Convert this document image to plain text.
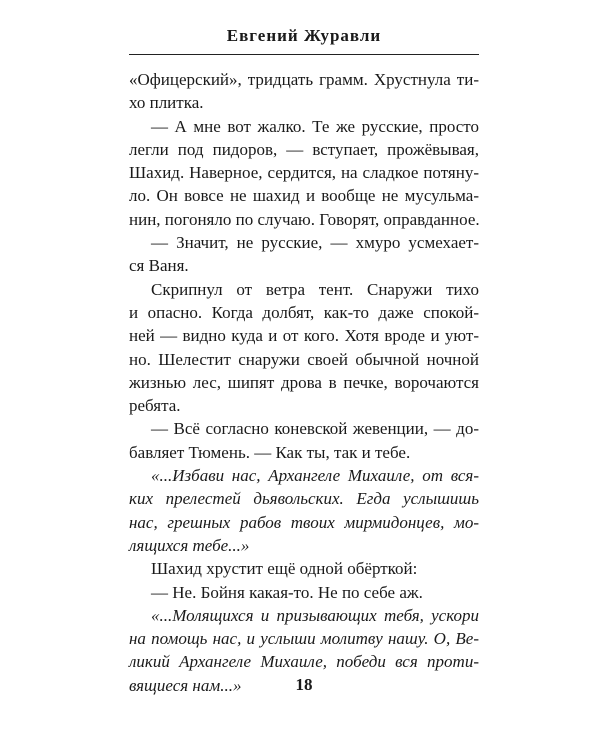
Евгений Журавли
«Офицерский», тридцать грамм. Хрустнула ти-
хо плитка.
— А мне вот жалко. Те же русские, просто
легли под пидоров, — вступает, прожёвывая,
Шахид. Наверное, сердится, на сладкое потяну-
ло. Он вовсе не шахид и вообще не мусульма-
нин, погоняло по случаю. Говорят, оправданное.
— Значит, не русские, — хмуро усмехает-
ся Ваня.
Скрипнул от ветра тент. Снаружи тихо
и опасно. Когда долбят, как-то даже спокой-
ней — видно куда и от кого. Хотя вроде и уют-
но. Шелестит снаружи своей обычной ночной
жизнью лес, шипят дрова в печке, ворочаются
ребята.
— Всё согласно коневской жевенции, — до-
бавляет Тюмень. — Как ты, так и тебе.
«...Избави нас, Архангеле Михаиле, от вся-
ких прелестей дьявольских. Егда услышишь
нас, грешных рабов твоих мирмидонцев, мо-
лящихся тебе...»
Шахид хрустит ещё одной обёрткой:
— Не. Бойня какая-то. Не по себе аж.
«...Молящихся и призывающих тебя, ускори
на помощь нас, и услыши молитву нашу. О, Ве-
ликий Архангеле Михаиле, победи вся проти-
вящиеся нам...»	18
